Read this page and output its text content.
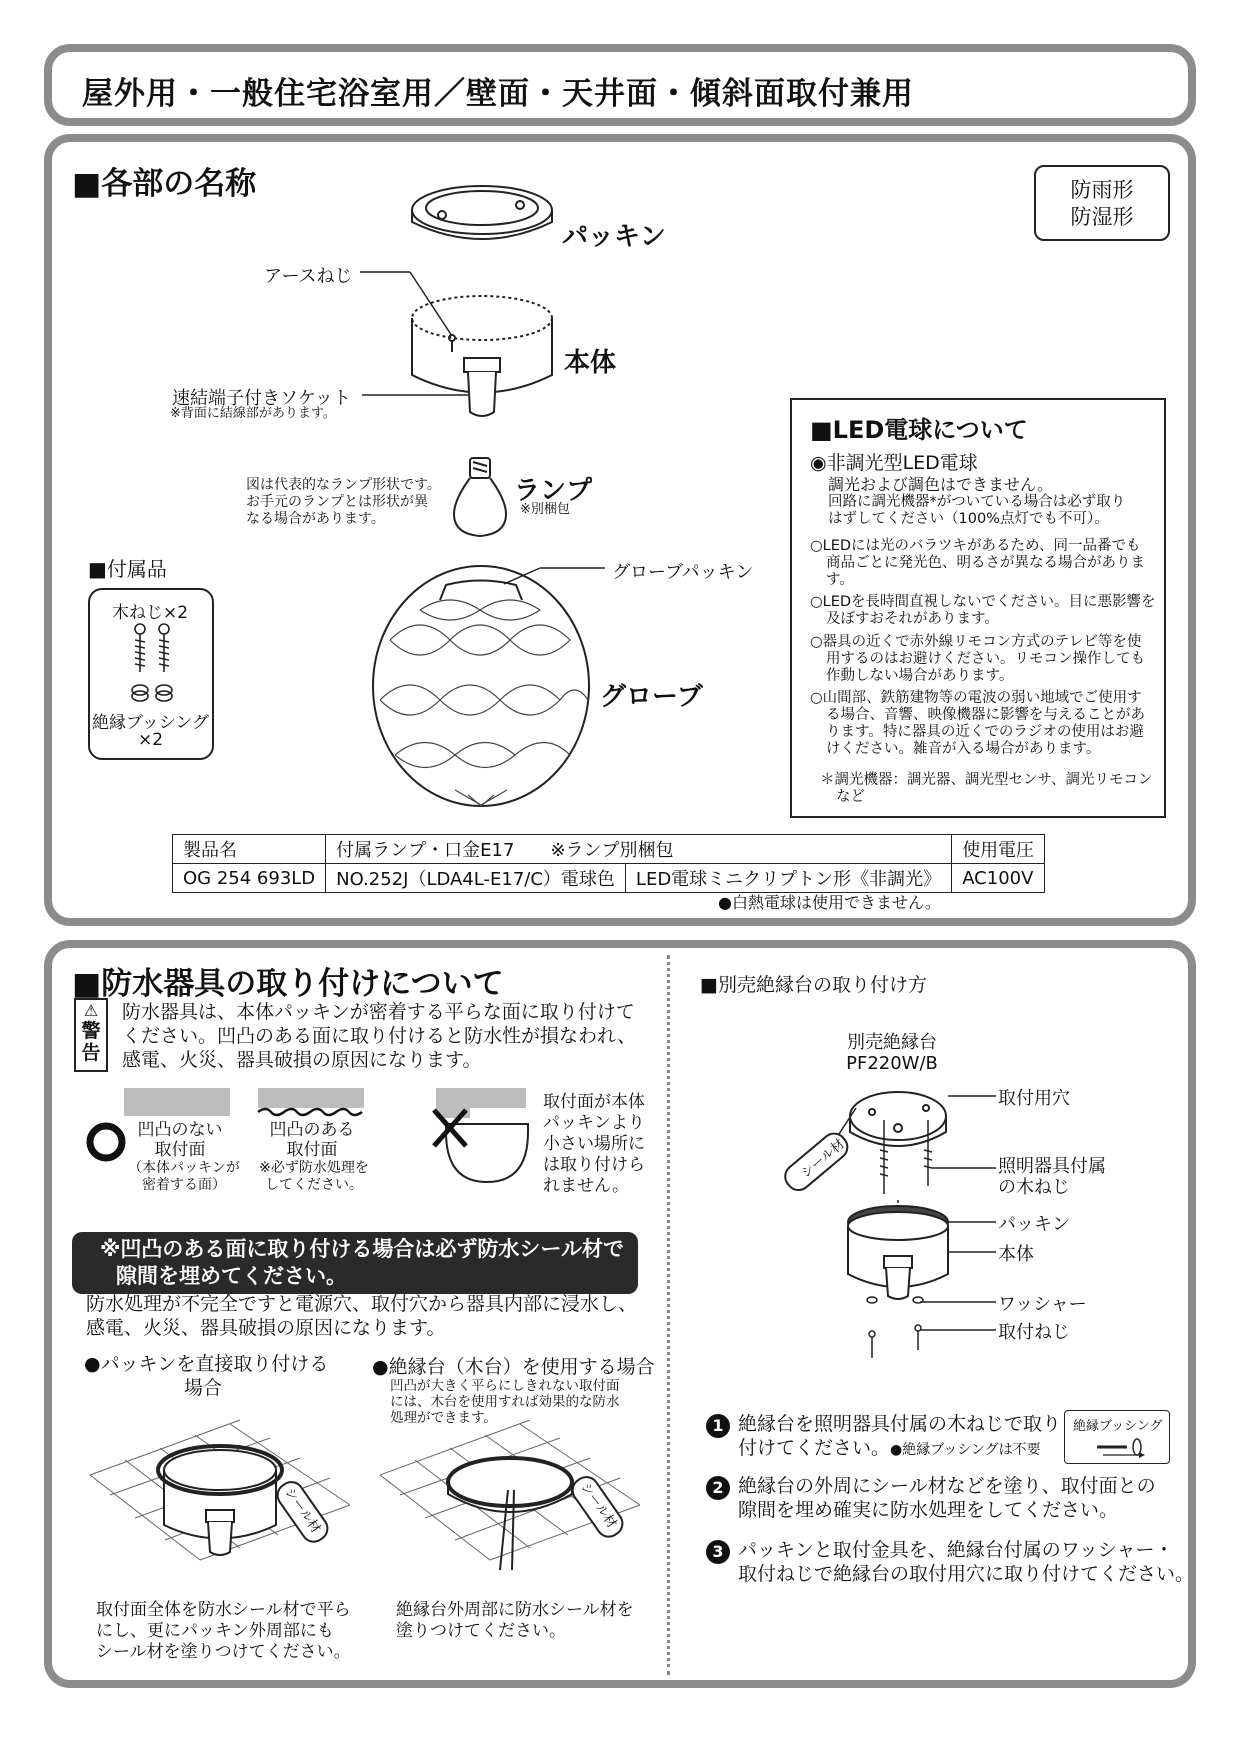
屋外用・一般住宅浴室用／壁面・天井面・傾斜面取付兼用
■各部の名称	防雨形
防湿形
パッキン
アースねじ
本体
速結端子付きソケット
※背面に結線部があります。
図は代表的なランプ形状です。
お手元のランプとは形状が異
なる場合があります。
ランプ
※別梱包
グローブパッキン
グローブ
■付属品
木ねじ×2
絶縁ブッシング
×2
■LED電球について
◉非調光型LED電球
調光および調色はできません。
回路に調光機器*がついている場合は必ず取り
はずしてください（100%点灯でも不可）。
○LEDには光のバラツキがあるため、同一品番でも
商品ごとに発光色、明るさが異なる場合がありま
す。
○LEDを長時間直視しないでください。目に悪影響を
及ぼすおそれがあります。
○器具の近くで赤外線リモコン方式のテレビ等を使
用するのはお避けください。リモコン操作しても
作動しない場合があります。
○山間部、鉄筋建物等の電波の弱い地域でご使用す
る場合、音響、映像機器に影響を与えることがあ
ります。特に器具の近くでのラジオの使用はお避
けください。雑音が入る場合があります。
＊調光機器：調光器、調光型センサ、調光リモコン
など
製品名	付属ランプ・口金E17　　※ランプ別梱包		使用電圧
OG 254 693LD	NO.252J（LDA4L-E17/C）電球色	LED電球ミニクリプトン形《非調光》	AC100V
●白熱電球は使用できません。
■防水器具の取り付けについて
⚠
警
告
防水器具は、本体パッキンが密着する平らな面に取り付けて
ください。凹凸のある面に取り付けると防水性が損なわれ、
感電、火災、器具破損の原因になります。
凹凸のない
取付面
（本体パッキンが
密着する面）
凹凸のある
取付面
※必ず防水処理を
してください。
取付面が本体
パッキンより
小さい場所に
は取り付けら
れません。
※凹凸のある面に取り付ける場合は必ず防水シール材で
隙間を埋めてください。
防水処理が不完全ですと電源穴、取付穴から器具内部に浸水し、
感電、火災、器具破損の原因になります。
●パッキンを直接取り付ける
場合
●絶縁台（木台）を使用する場合
凹凸が大きく平らにしきれない取付面
には、木台を使用すれば効果的な防水
処理ができます。
シール材	シール材
取付面全体を防水シール材で平ら
にし、更にパッキン外周部にも
シール材を塗りつけてください。
絶縁台外周部に防水シール材を
塗りつけてください。
■別売絶縁台の取り付け方
別売絶縁台
PF220W/B
シール材
取付用穴
照明器具付属
の木ねじ
パッキン
本体
ワッシャー
取付ねじ
1 絶縁台を照明器具付属の木ねじで取り
付けてください。●絶縁ブッシングは不要
絶縁ブッシング
2 絶縁台の外周にシール材などを塗り、取付面との
隙間を埋め確実に防水処理をしてください。
3 パッキンと取付金具を、絶縁台付属のワッシャー・
取付ねじで絶縁台の取付用穴に取り付けてください。
